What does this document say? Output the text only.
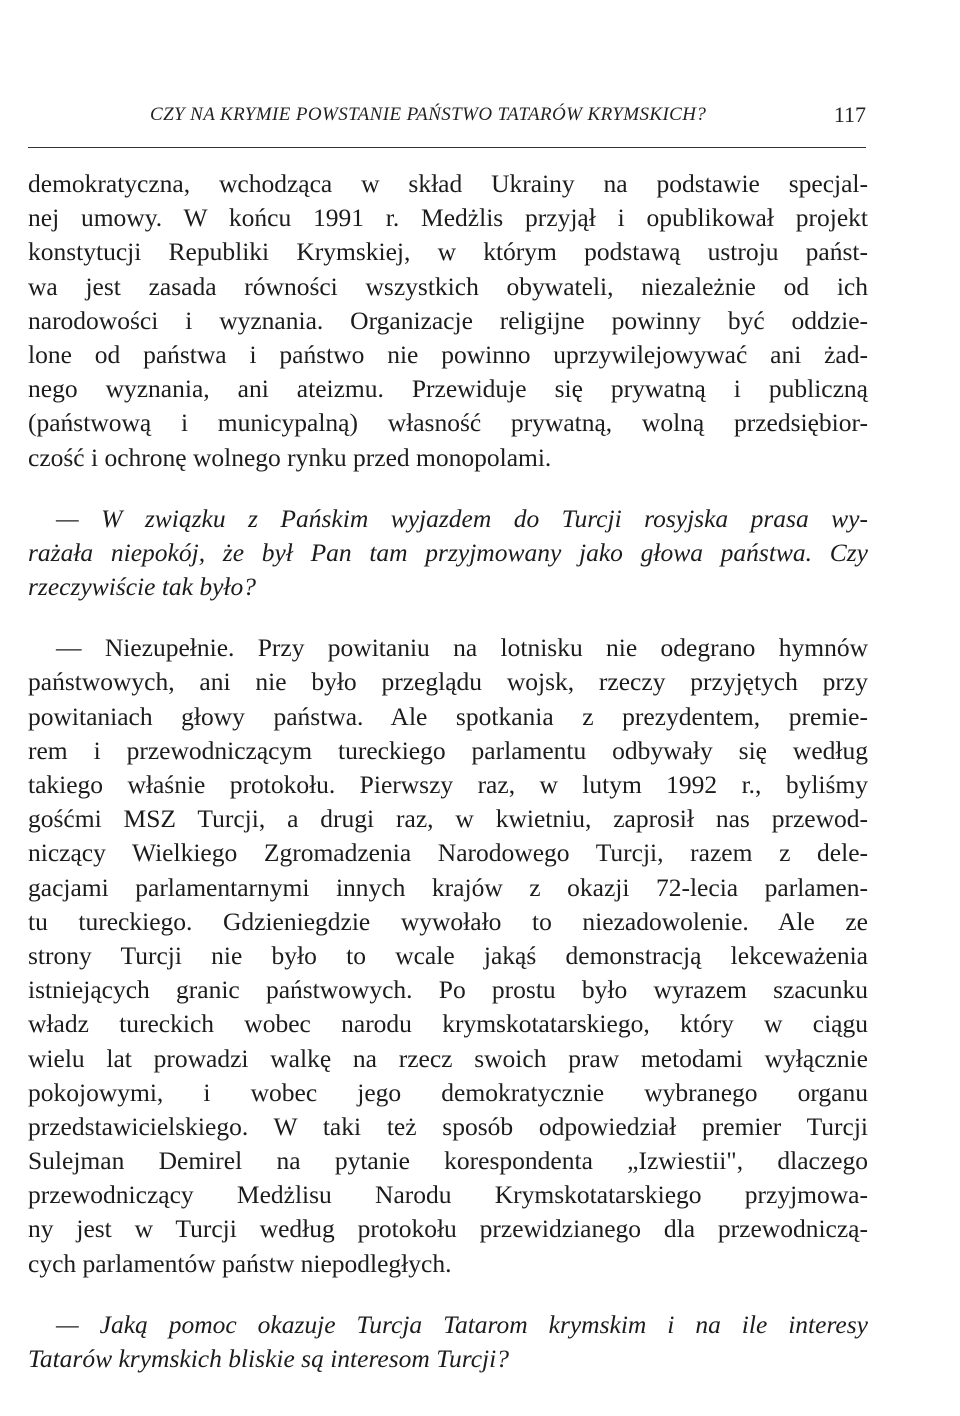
CZY NA KRYMIE POWSTANIE PAŃSTWO TATARÓW KRYMSKICH?	117
demokratyczna, wchodząca w skład Ukrainy na podstawie specjal-
nej umowy. W końcu 1991 r. Medżlis przyjął i opublikował projekt
konstytucji Republiki Krymskiej, w którym podstawą ustroju państ-
wa jest zasada równości wszystkich obywateli, niezależnie od ich
narodowości i wyznania. Organizacje religijne powinny być oddzie-
lone od państwa i państwo nie powinno uprzywilejowywać ani żad-
nego wyznania, ani ateizmu. Przewiduje się prywatną i publiczną
(państwową i municypalną) własność prywatną, wolną przedsiębior-
czość i ochronę wolnego rynku przed monopolami.
— W związku z Pańskim wyjazdem do Turcji rosyjska prasa wy-
rażała niepokój, że był Pan tam przyjmowany jako głowa państwa. Czy
rzeczywiście tak było?
— Niezupełnie. Przy powitaniu na lotnisku nie odegrano hymnów
państwowych, ani nie było przeglądu wojsk, rzeczy przyjętych przy
powitaniach głowy państwa. Ale spotkania z prezydentem, premie-
rem i przewodniczącym tureckiego parlamentu odbywały się według
takiego właśnie protokołu. Pierwszy raz, w lutym 1992 r., byliśmy
gośćmi MSZ Turcji, a drugi raz, w kwietniu, zaprosił nas przewod-
niczący Wielkiego Zgromadzenia Narodowego Turcji, razem z dele-
gacjami parlamentarnymi innych krajów z okazji 72-lecia parlamen-
tu tureckiego. Gdzieniegdzie wywołało to niezadowolenie. Ale ze
strony Turcji nie było to wcale jakąś demonstracją lekceważenia
istniejących granic państwowych. Po prostu było wyrazem szacunku
władz tureckich wobec narodu krymskotatarskiego, który w ciągu
wielu lat prowadzi walkę na rzecz swoich praw metodami wyłącznie
pokojowymi, i wobec jego demokratycznie wybranego organu
przedstawicielskiego. W taki też sposób odpowiedział premier Turcji
Sulejman Demirel na pytanie korespondenta „Izwiestii", dlaczego
przewodniczący Medżlisu Narodu Krymskotatarskiego przyjmowa-
ny jest w Turcji według protokołu przewidzianego dla przewodniczą-
cych parlamentów państw niepodległych.
— Jaką pomoc okazuje Turcja Tatarom krymskim i na ile interesy
Tatarów krymskich bliskie są interesom Turcji?
